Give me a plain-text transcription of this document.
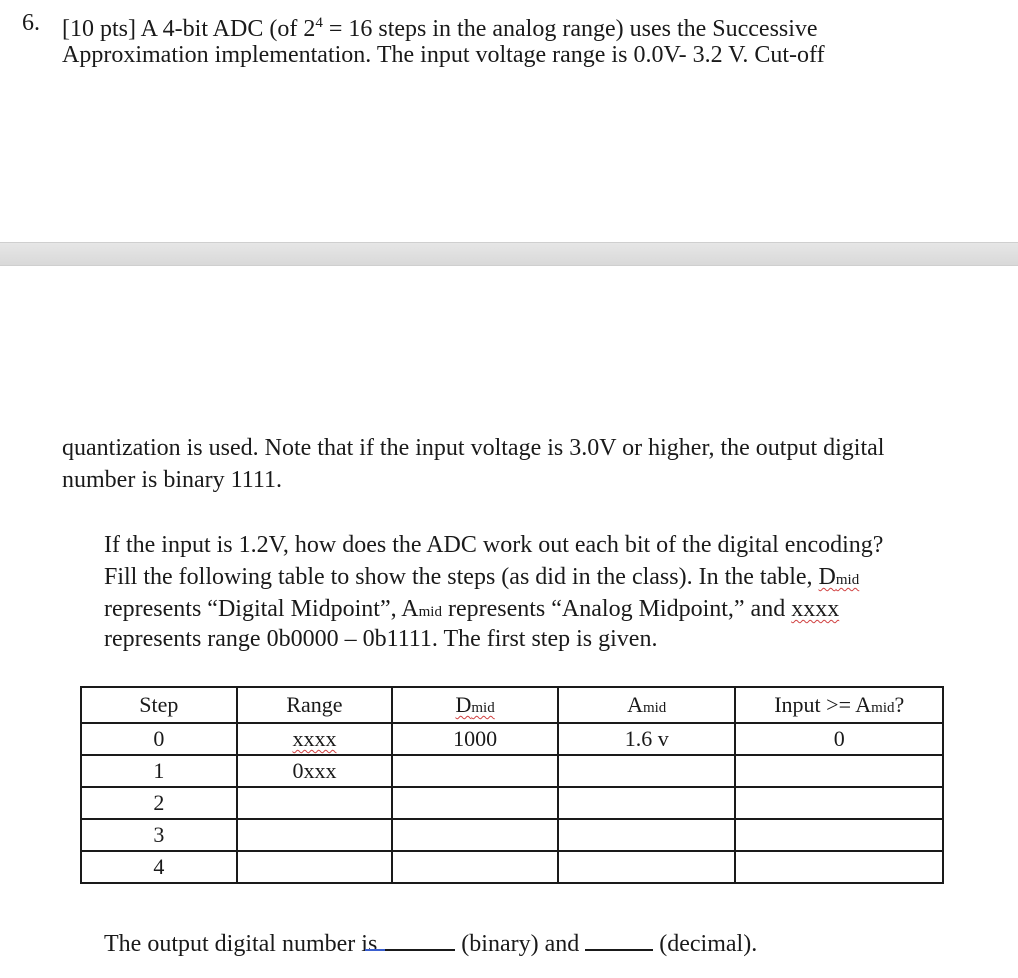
6. [10 pts] A 4-bit ADC (of $2^4 = 16$ steps in the analog range) uses the Successive
Approximation implementation. The input voltage range is 0.0V- 3.2 V. Cut-off
quantization is used. Note that if the input voltage is 3.0V or higher, the output digital
number is binary 1111.
If the input is 1.2V, how does the ADC work out each bit of the digital encoding?
Fill the following table to show the steps (as did in the class). In the table, Dmid
represents “Digital Midpoint”, Amid represents “Analog Midpoint,” and xxxx
represents range 0b0000 – 0b1111. The first step is given.
Step	Range	Dmid	Amid	Input >= Amid?
0	xxxx	1000	1.6 v	0
1	0xxx			
2				
3				
4				
The output digital number is	(binary) and	(decimal).
